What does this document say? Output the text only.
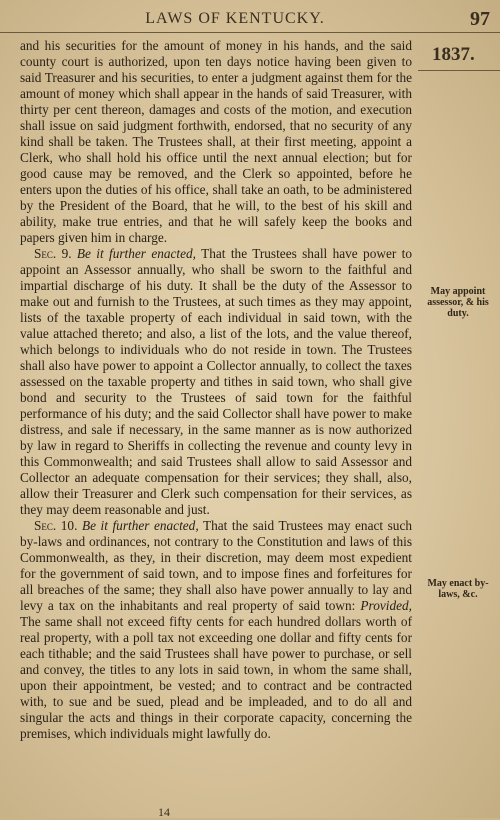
LAWS OF KENTUCKY.	97
1837.

and his securities for the amount of money in his hands, and the said county court is authorized, upon ten days notice having been given to said Treasurer and his securities, to enter a judgment against them for the amount of money which shall appear in the hands of said Treasurer, with thirty per cent thereon, damages and costs of the motion, and execution shall issue on said judgment forthwith, endorsed, that no security of any kind shall be taken. The Trustees shall, at their first meeting, appoint a Clerk, who shall hold his office until the next annual election; but for good cause may be removed, and the Clerk so appointed, before he enters upon the duties of his office, shall take an oath, to be administered by the President of the Board, that he will, to the best of his skill and ability, make true entries, and that he will safely keep the books and papers given him in charge.

Sec. 9. Be it further enacted, That the Trustees shall have power to appoint an Assessor annually, who shall be sworn to the faithful and impartial discharge of his duty. It shall be the duty of the Assessor to make out and furnish to the Trustees, at such times as they may appoint, lists of the taxable property of each individual in said town, with the value attached thereto; and also, a list of the lots, and the value thereof, which belongs to individuals who do not reside in town. The Trustees shall also have power to appoint a Collector annually, to collect the taxes assessed on the taxable property and tithes in said town, who shall give bond and security to the Trustees of said town for the faithful performance of his duty; and the said Collector shall have power to make distress, and sale if necessary, in the same manner as is now authorized by law in regard to Sheriffs in collecting the revenue and county levy in this Commonwealth; and said Trustees shall allow to said Assessor and Collector an adequate compensation for their services; they shall, also, allow their Treasurer and Clerk such compensation for their services, as they may deem reasonable and just.

Sec. 10. Be it further enacted, That the said Trustees may enact such by-laws and ordinances, not contrary to the Constitution and laws of this Commonwealth, as they, in their discretion, may deem most expedient for the government of said town, and to impose fines and forfeitures for all breaches of the same; they shall also have power annually to lay and levy a tax on the inhabitants and real property of said town: Provided, The same shall not exceed fifty cents for each hundred dollars worth of real property, with a poll tax not exceeding one dollar and fifty cents for each tithable; and the said Trustees shall have power to purchase, or sell and convey, the titles to any lots in said town, in whom the same shall, upon their appointment, be vested; and to contract and be contracted with, to sue and be sued, plead and be impleaded, and to do all and singular the acts and things in their corporate capacity, concerning the premises, which individuals might lawfully do.

May appoint assessor, & his duty.
May enact by-laws, &c.
14
